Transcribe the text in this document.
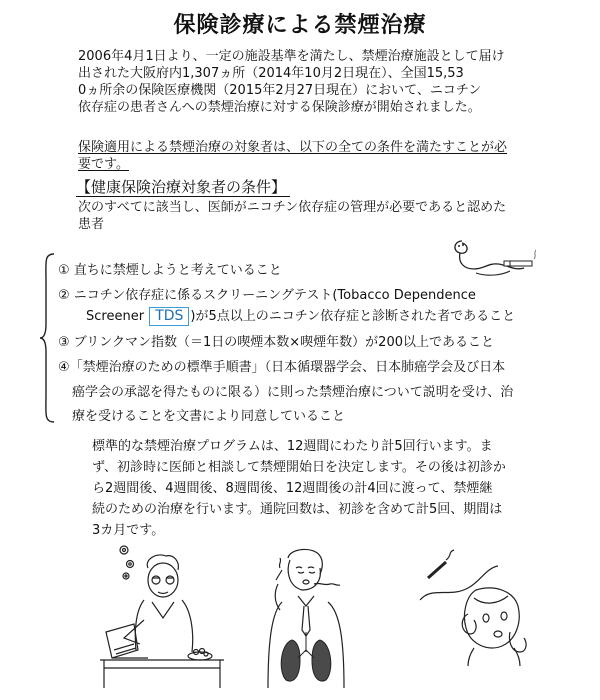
保険診療による禁煙治療
2006年4月1日より、一定の施設基準を満たし、禁煙治療施設として届け
出された大阪府内1,307ヵ所（2014年10月2日現在）、全国15,53
0ヵ所余の保険医療機関（2015年2月27日現在）において、ニコチン
依存症の患者さんへの禁煙治療に対する保険診療が開始されました。
保険適用による禁煙治療の対象者は、以下の全ての条件を満たすことが必
要です。
【健康保険治療対象者の条件】
次のすべてに該当し、医師がニコチン依存症の管理が必要であると認めた
患者
① 直ちに禁煙しようと考えていること
② ニコチン依存症に係るスクリーニングテスト(Tobacco Dependence
Screener TDS )が5点以上のニコチン依存症と診断された者であること
③ ブリンクマン指数（＝1日の喫煙本数×喫煙年数）が200以上であること
④「禁煙治療のための標準手順書」（日本循環器学会、日本肺癌学会及び日本
癌学会の承認を得たものに限る）に則った禁煙治療について説明を受け、治
療を受けることを文書により同意していること
標準的な禁煙治療プログラムは、12週間にわたり計5回行います。ま
ず、初診時に医師と相談して禁煙開始日を決定します。その後は初診か
ら2週間後、4週間後、8週間後、12週間後の計4回に渡って、禁煙継
続のための治療を行います。通院回数は、初診を含めて計5回、期間は
3カ月です。
